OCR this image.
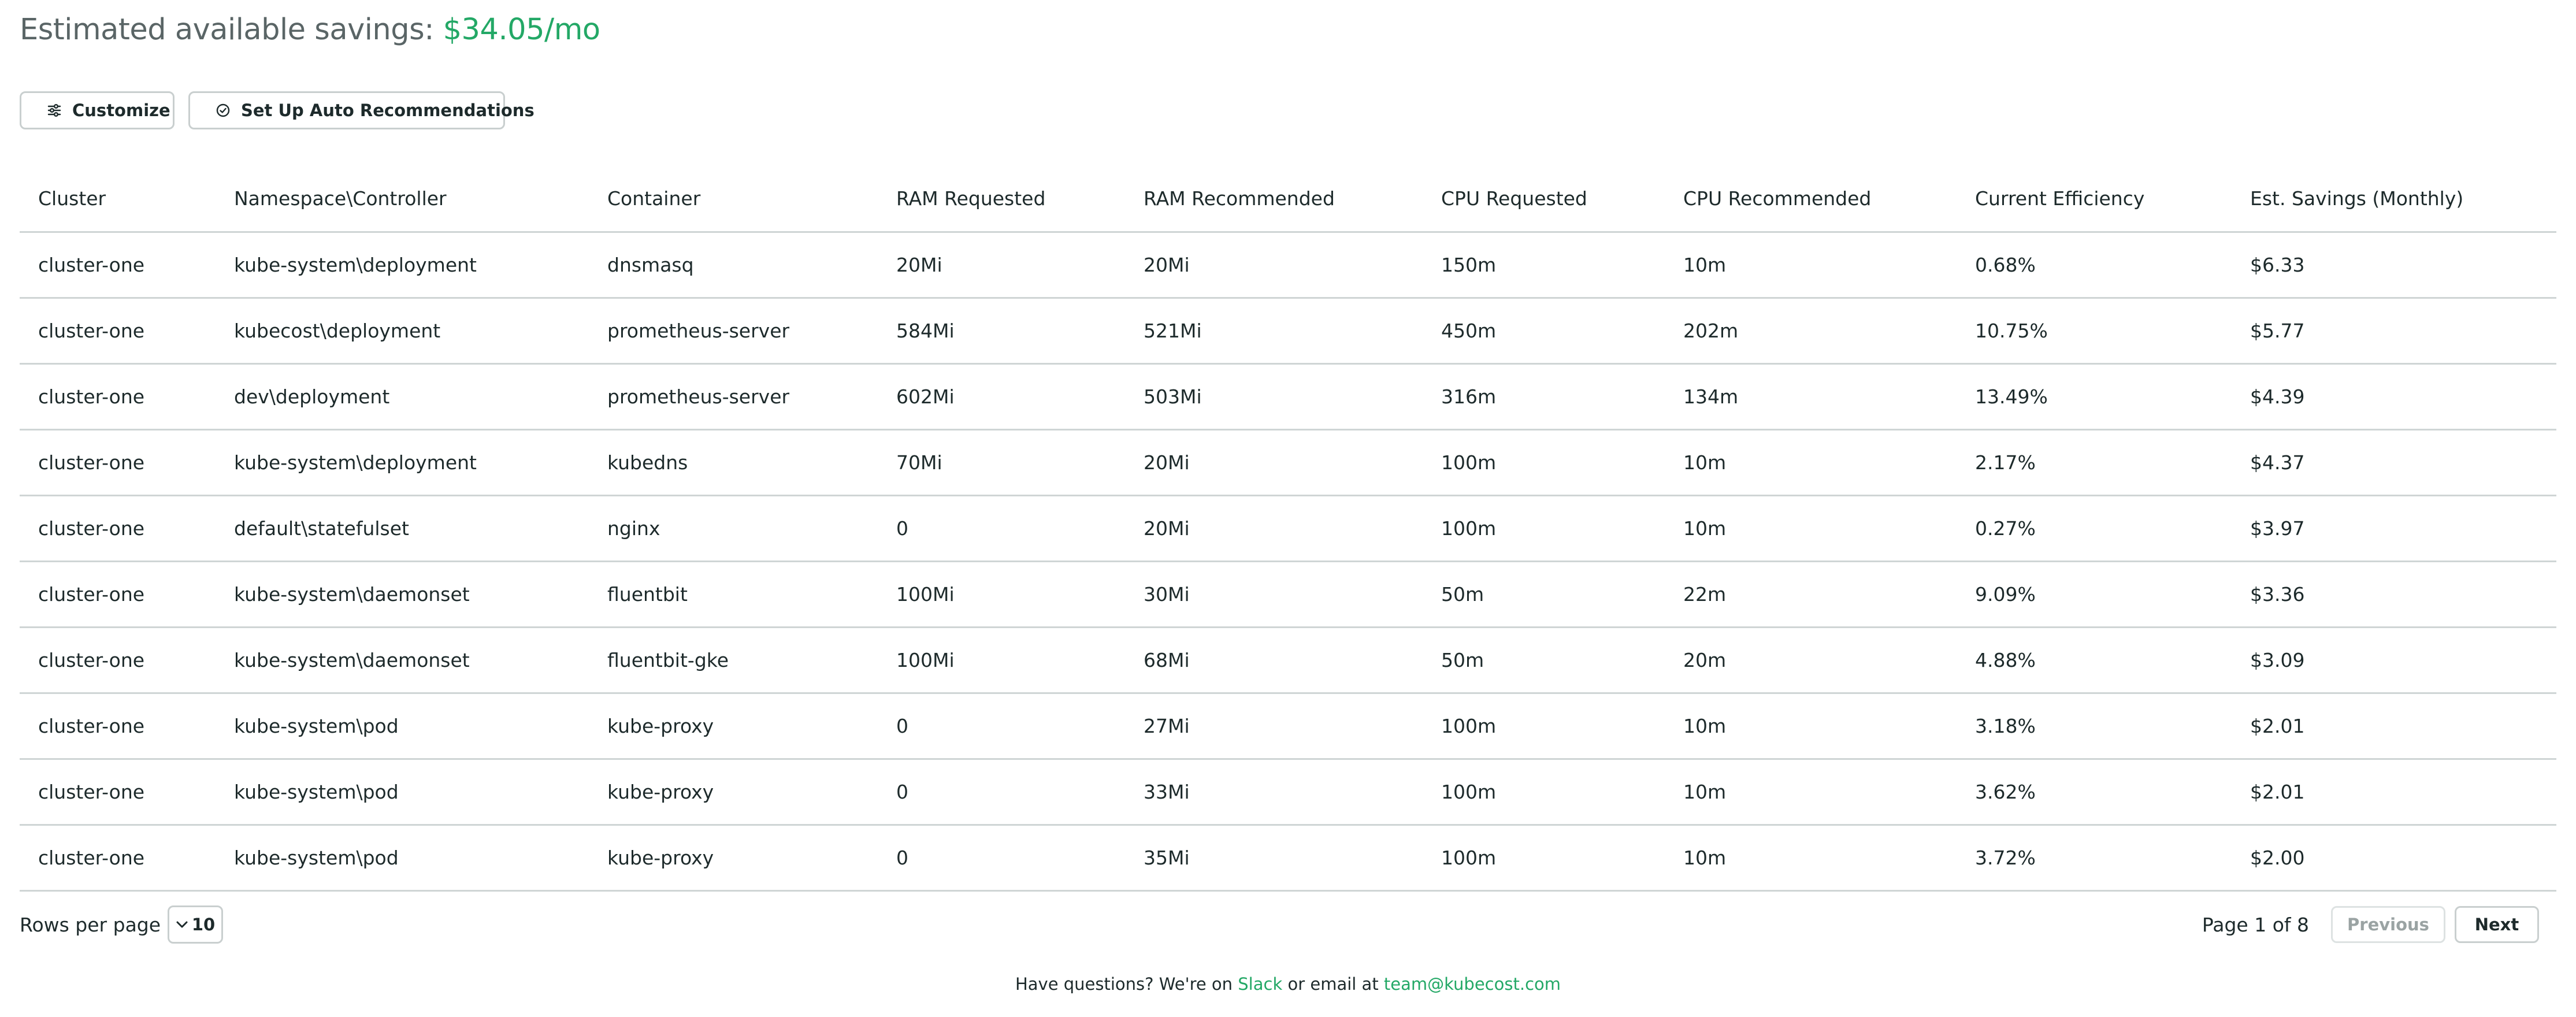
Estimated available savings: $34.05/mo
Customize	Set Up Auto Recommendations
Cluster	Namespace\Controller	Container	RAM Requested	RAM Recommended	CPU Requested	CPU Recommended	Current Efficiency	Est. Savings (Monthly)
cluster-one	kube-system\deployment	dnsmasq	20Mi	20Mi	150m	10m	0.68%	$6.33
cluster-one	kubecost\deployment	prometheus-server	584Mi	521Mi	450m	202m	10.75%	$5.77
cluster-one	dev\deployment	prometheus-server	602Mi	503Mi	316m	134m	13.49%	$4.39
cluster-one	kube-system\deployment	kubedns	70Mi	20Mi	100m	10m	2.17%	$4.37
cluster-one	default\statefulset	nginx	0	20Mi	100m	10m	0.27%	$3.97
cluster-one	kube-system\daemonset	fluentbit	100Mi	30Mi	50m	22m	9.09%	$3.36
cluster-one	kube-system\daemonset	fluentbit-gke	100Mi	68Mi	50m	20m	4.88%	$3.09
cluster-one	kube-system\pod	kube-proxy	0	27Mi	100m	10m	3.18%	$2.01
cluster-one	kube-system\pod	kube-proxy	0	33Mi	100m	10m	3.62%	$2.01
cluster-one	kube-system\pod	kube-proxy	0	35Mi	100m	10m	3.72%	$2.00
Rows per page 10	Page 1 of 8	Previous	Next
Have questions? We're on Slack or email at team@kubecost.com
